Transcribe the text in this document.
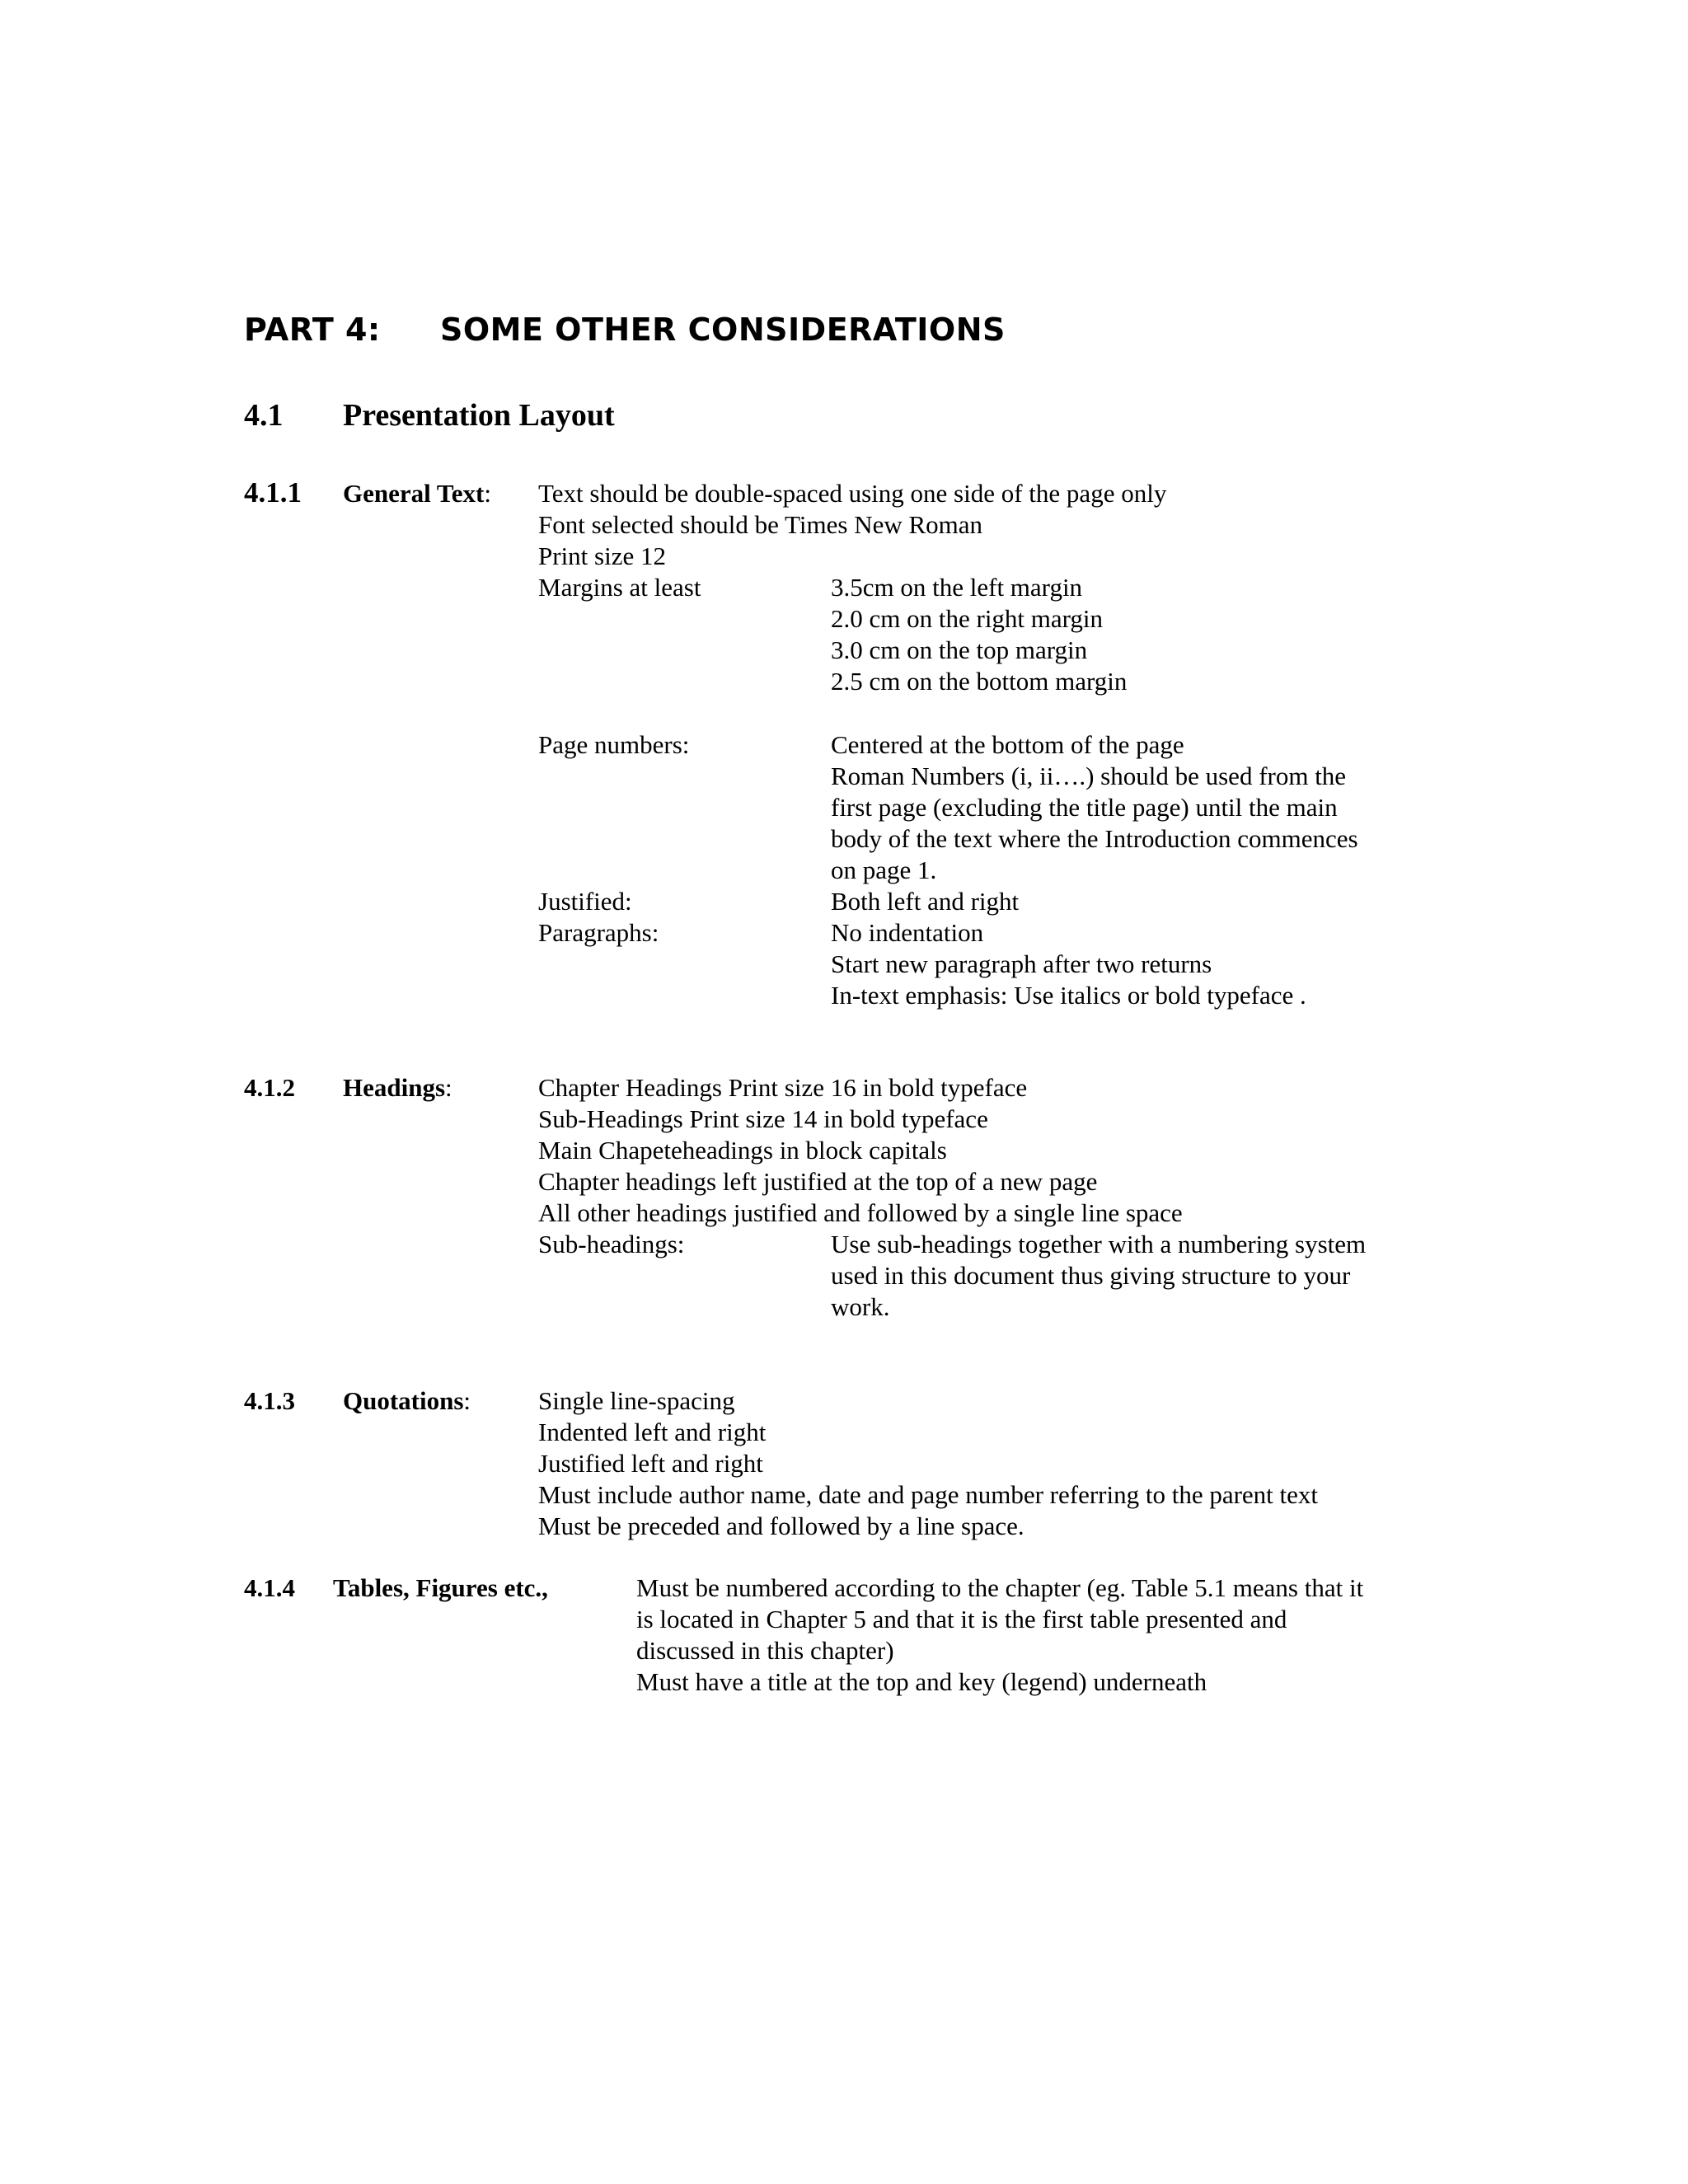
PART 4: SOME OTHER CONSIDERATIONS
4.1 Presentation Layout
4.1.1 General Text: Text should be double-spaced using one side of the page only
Font selected should be Times New Roman
Print size 12
Margins at least	3.5cm on the left margin
2.0 cm on the right margin
3.0 cm on the top margin
2.5 cm on the bottom margin
Page numbers:	Centered at the bottom of the page
Roman Numbers (i, ii….) should be used from the
first page (excluding the title page) until the main
body of the text where the Introduction commences
on page 1.
Justified:	Both left and right
Paragraphs:	No indentation
Start new paragraph after two returns
In-text emphasis: Use italics or bold typeface .
4.1.2 Headings:	Chapter Headings Print size 16 in bold typeface
Sub-Headings Print size 14 in bold typeface
Main Chapeteheadings in block capitals
Chapter headings left justified at the top of a new page
All other headings justified and followed by a single line space
Sub-headings:	Use sub-headings together with a numbering system
used in this document thus giving structure to your
work.
4.1.3 Quotations:	Single line-spacing
Indented left and right
Justified left and right
Must include author name, date and page number referring to the parent text
Must be preceded and followed by a line space.
4.1.4 Tables, Figures etc.,	Must be numbered according to the chapter (eg. Table 5.1 means that it
is located in Chapter 5 and that it is the first table presented and
discussed in this chapter)
Must have a title at the top and key (legend) underneath
